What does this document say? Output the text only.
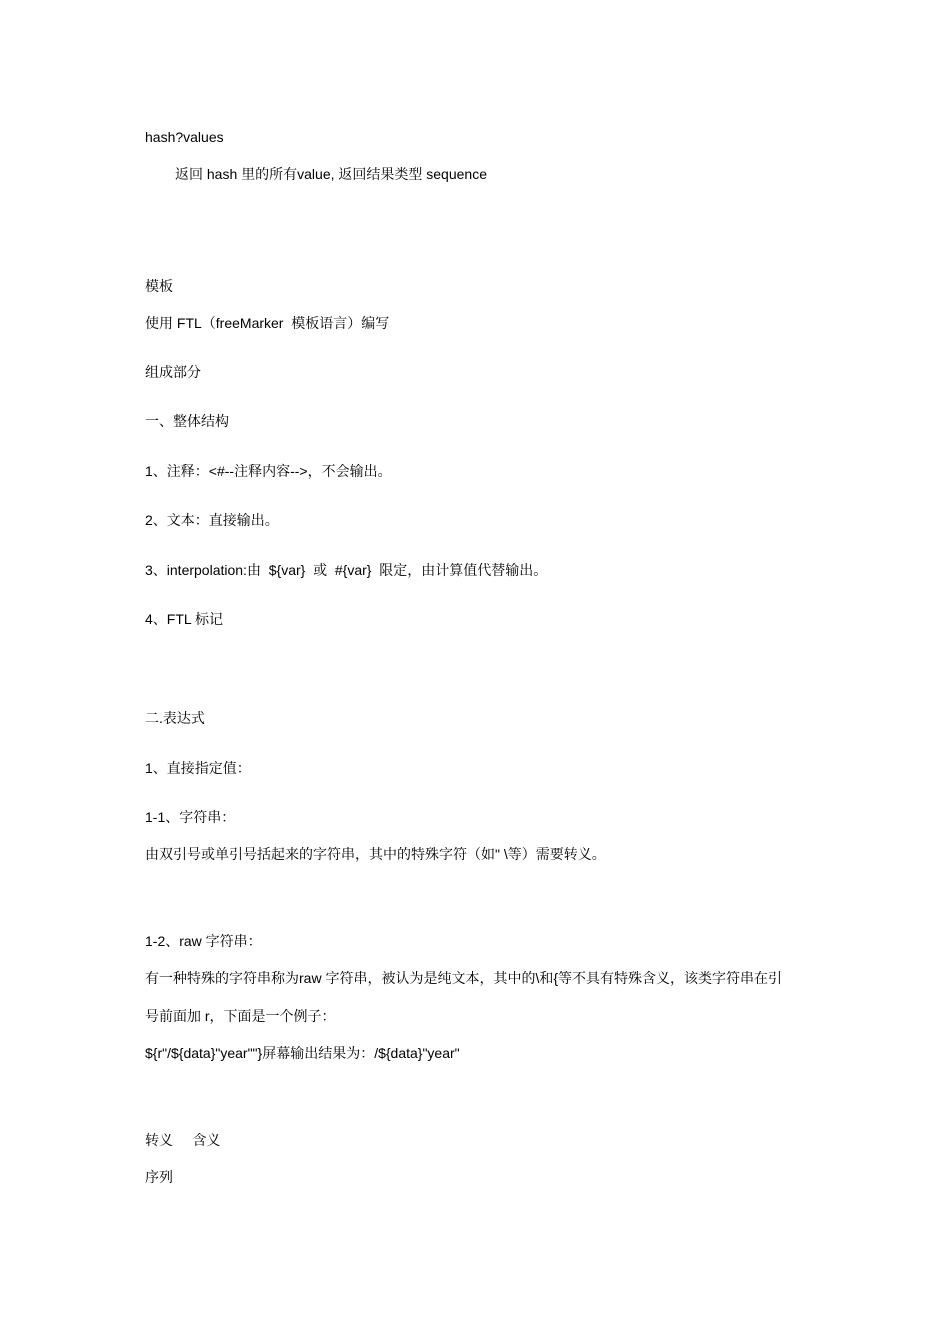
hash?values
返回 hash 里的所有value, 返回结果类型 sequence
模板
使用 FTL（freeMarker  模板语言）编写
组成部分
一、整体结构
1、注释：<#--注释内容-->，不会输出。
2、文本：直接输出。
3、interpolation:由  ${var}  或  #{var}  限定，由计算值代替输出。
4、FTL 标记
二.表达式
1、直接指定值：
1-1、字符串：
由双引号或单引号括起来的字符串，其中的特殊字符（如" \等）需要转义。
1-2、raw 字符串：
有一种特殊的字符串称为raw 字符串，被认为是纯文本，其中的\和{等不具有特殊含义，该类字符串在引
号前面加 r，下面是一个例子：
${r"/${data}"year""}屏幕输出结果为：/${data}"year"
转义     含义
序列
